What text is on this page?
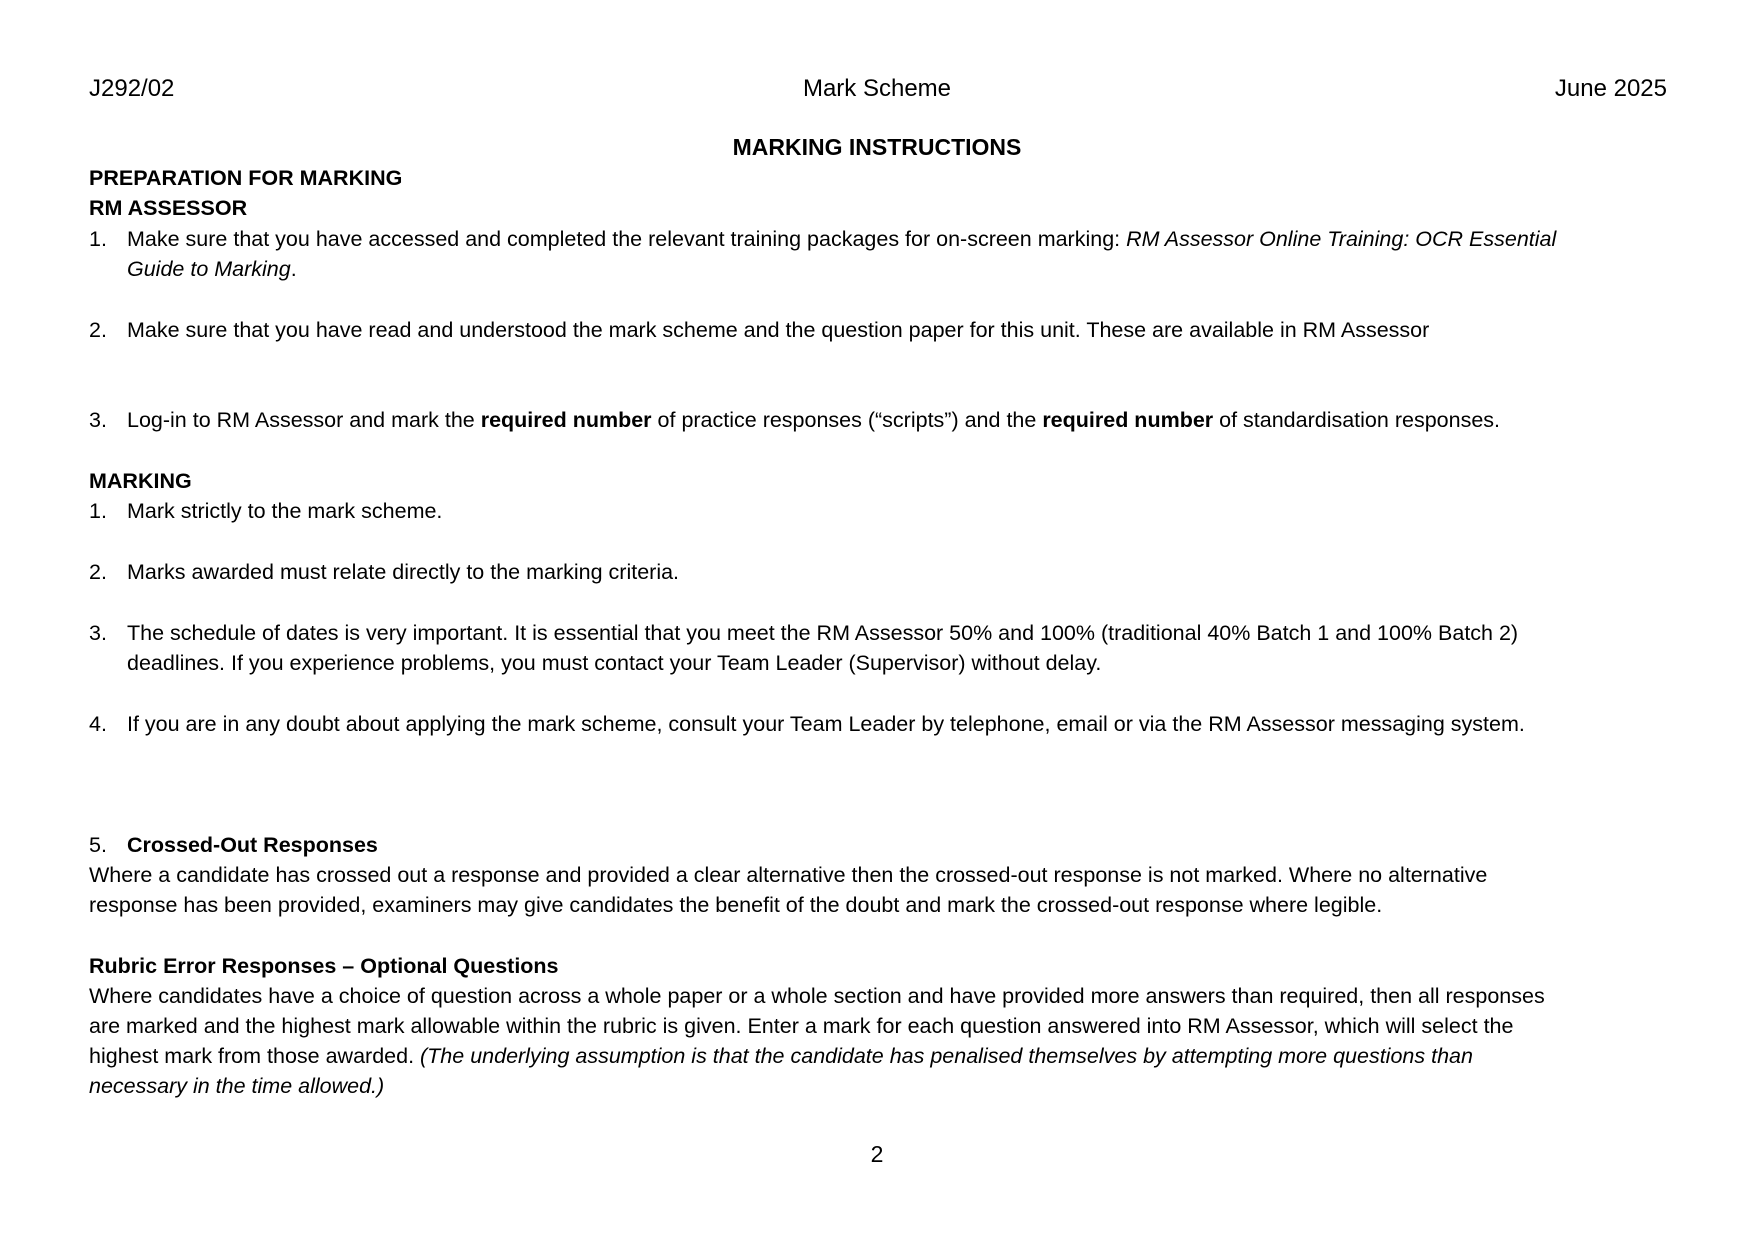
J292/02	Mark Scheme	June 2025
MARKING INSTRUCTIONS
PREPARATION FOR MARKING
RM ASSESSOR
1. Make sure that you have accessed and completed the relevant training packages for on-screen marking: RM Assessor Online Training: OCR Essential
Guide to Marking.
2. Make sure that you have read and understood the mark scheme and the question paper for this unit. These are available in RM Assessor
3. Log-in to RM Assessor and mark the required number of practice responses (“scripts”) and the required number of standardisation responses.
MARKING
1. Mark strictly to the mark scheme.
2. Marks awarded must relate directly to the marking criteria.
3. The schedule of dates is very important. It is essential that you meet the RM Assessor 50% and 100% (traditional 40% Batch 1 and 100% Batch 2)
deadlines. If you experience problems, you must contact your Team Leader (Supervisor) without delay.
4. If you are in any doubt about applying the mark scheme, consult your Team Leader by telephone, email or via the RM Assessor messaging system.
5. Crossed-Out Responses
Where a candidate has crossed out a response and provided a clear alternative then the crossed-out response is not marked. Where no alternative
response has been provided, examiners may give candidates the benefit of the doubt and mark the crossed-out response where legible.
Rubric Error Responses – Optional Questions
Where candidates have a choice of question across a whole paper or a whole section and have provided more answers than required, then all responses
are marked and the highest mark allowable within the rubric is given. Enter a mark for each question answered into RM Assessor, which will select the
highest mark from those awarded. (The underlying assumption is that the candidate has penalised themselves by attempting more questions than
necessary in the time allowed.)
2
